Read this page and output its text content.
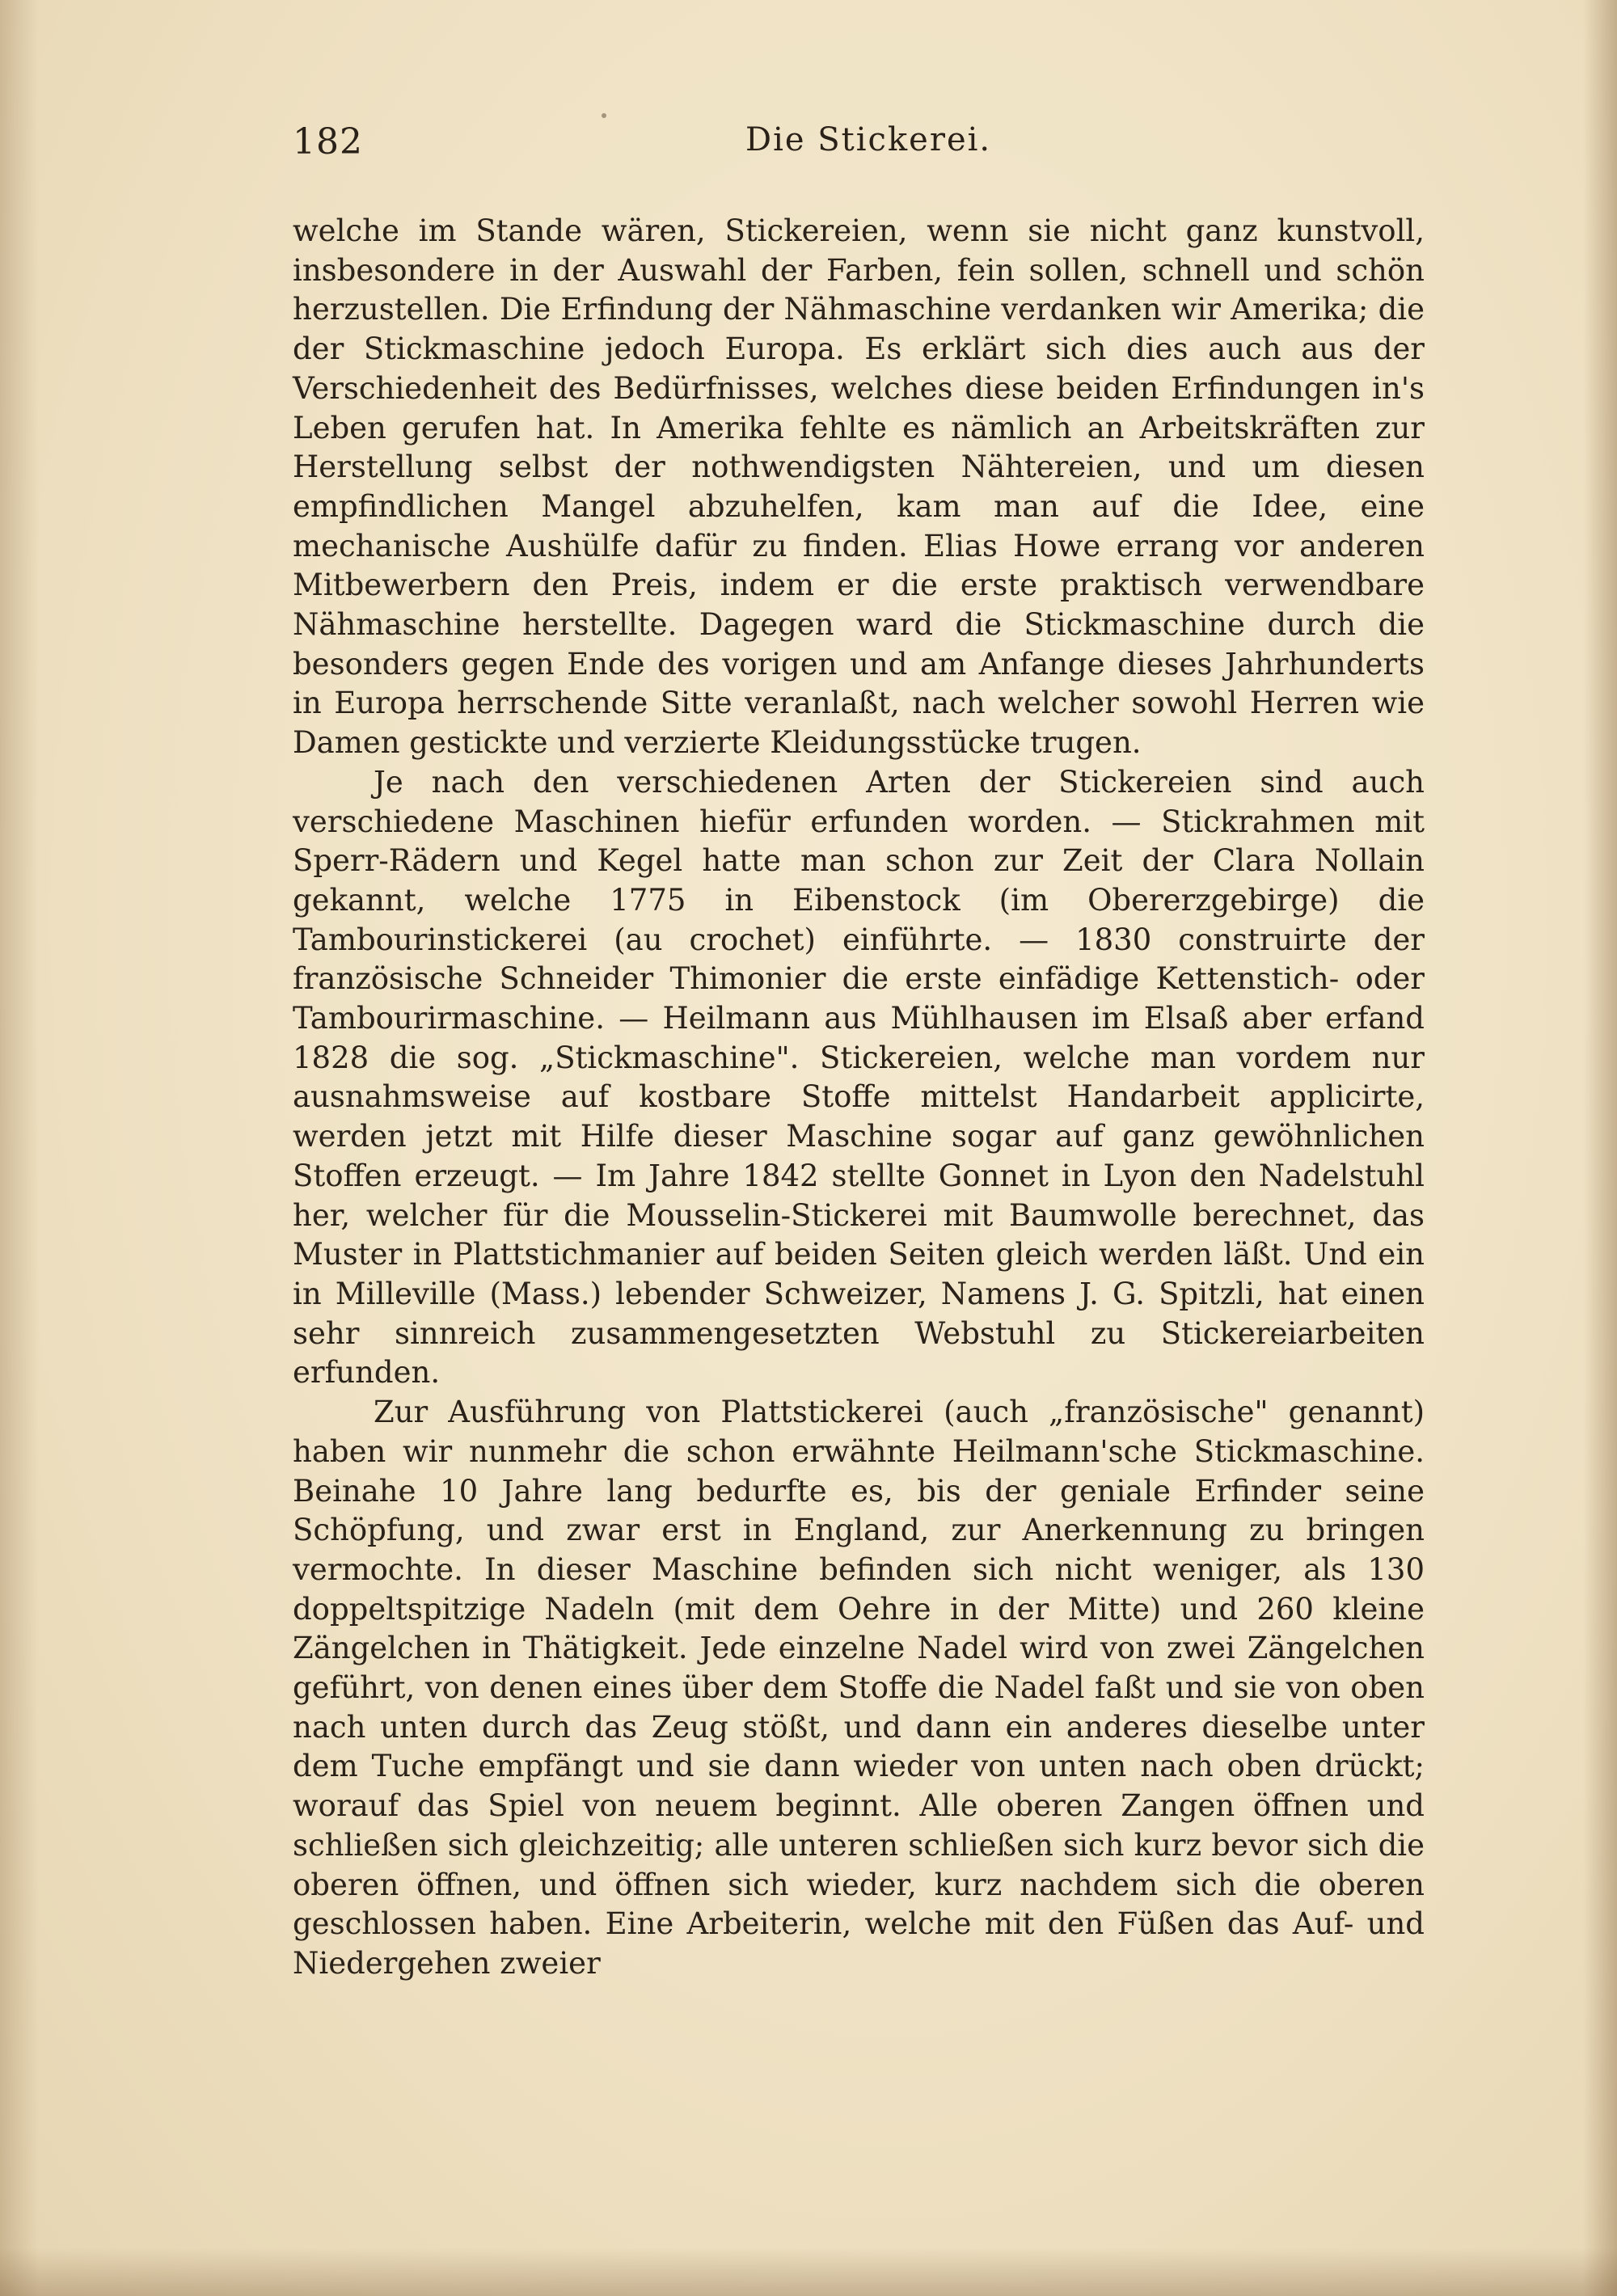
182	Die Stickerei.

welche im Stande wären, Stickereien, wenn sie nicht ganz kunstvoll, insbesondere in der Auswahl der Farben, fein sollen, schnell und schön herzustellen. Die Erfindung der Nähmaschine verdanken wir Amerika; die der Stickmaschine jedoch Europa. Es erklärt sich dies auch aus der Verschiedenheit des Bedürfnisses, welches diese beiden Erfindungen in's Leben gerufen hat. In Amerika fehlte es nämlich an Arbeitskräften zur Herstellung selbst der nothwendigsten Nähtereien, und um diesen empfindlichen Mangel abzuhelfen, kam man auf die Idee, eine mechanische Aushülfe dafür zu finden. Elias Howe errang vor anderen Mitbewerbern den Preis, indem er die erste praktisch verwendbare Nähmaschine herstellte. Dagegen ward die Stickmaschine durch die besonders gegen Ende des vorigen und am Anfange dieses Jahrhunderts in Europa herrschende Sitte veranlaßt, nach welcher sowohl Herren wie Damen gestickte und verzierte Kleidungsstücke trugen.

Je nach den verschiedenen Arten der Stickereien sind auch verschiedene Maschinen hiefür erfunden worden. — Stickrahmen mit Sperr-Rädern und Kegel hatte man schon zur Zeit der Clara Nollain gekannt, welche 1775 in Eibenstock (im Obererzgebirge) die Tambourinstickerei (au crochet) einführte. — 1830 construirte der französische Schneider Thimonier die erste einfädige Kettenstich- oder Tambourirmaschine. — Heilmann aus Mühlhausen im Elsaß aber erfand 1828 die sog. „Stickmaschine". Stickereien, welche man vordem nur ausnahmsweise auf kostbare Stoffe mittelst Handarbeit applicirte, werden jetzt mit Hilfe dieser Maschine sogar auf ganz gewöhnlichen Stoffen erzeugt. — Im Jahre 1842 stellte Gonnet in Lyon den Nadelstuhl her, welcher für die Mousselin-Stickerei mit Baumwolle berechnet, das Muster in Plattstichmanier auf beiden Seiten gleich werden läßt. Und ein in Milleville (Mass.) lebender Schweizer, Namens J. G. Spitzli, hat einen sehr sinnreich zusammengesetzten Webstuhl zu Stickereiarbeiten erfunden.

Zur Ausführung von Plattstickerei (auch „französische" genannt) haben wir nunmehr die schon erwähnte Heilmann'sche Stickmaschine. Beinahe 10 Jahre lang bedurfte es, bis der geniale Erfinder seine Schöpfung, und zwar erst in England, zur Anerkennung zu bringen vermochte. In dieser Maschine befinden sich nicht weniger, als 130 doppeltspitzige Nadeln (mit dem Oehre in der Mitte) und 260 kleine Zängelchen in Thätigkeit. Jede einzelne Nadel wird von zwei Zängelchen geführt, von denen eines über dem Stoffe die Nadel faßt und sie von oben nach unten durch das Zeug stößt, und dann ein anderes dieselbe unter dem Tuche empfängt und sie dann wieder von unten nach oben drückt; worauf das Spiel von neuem beginnt. Alle oberen Zangen öffnen und schließen sich gleichzeitig; alle unteren schließen sich kurz bevor sich die oberen öffnen, und öffnen sich wieder, kurz nachdem sich die oberen geschlossen haben. Eine Arbeiterin, welche mit den Füßen das Auf- und Niedergehen zweier
